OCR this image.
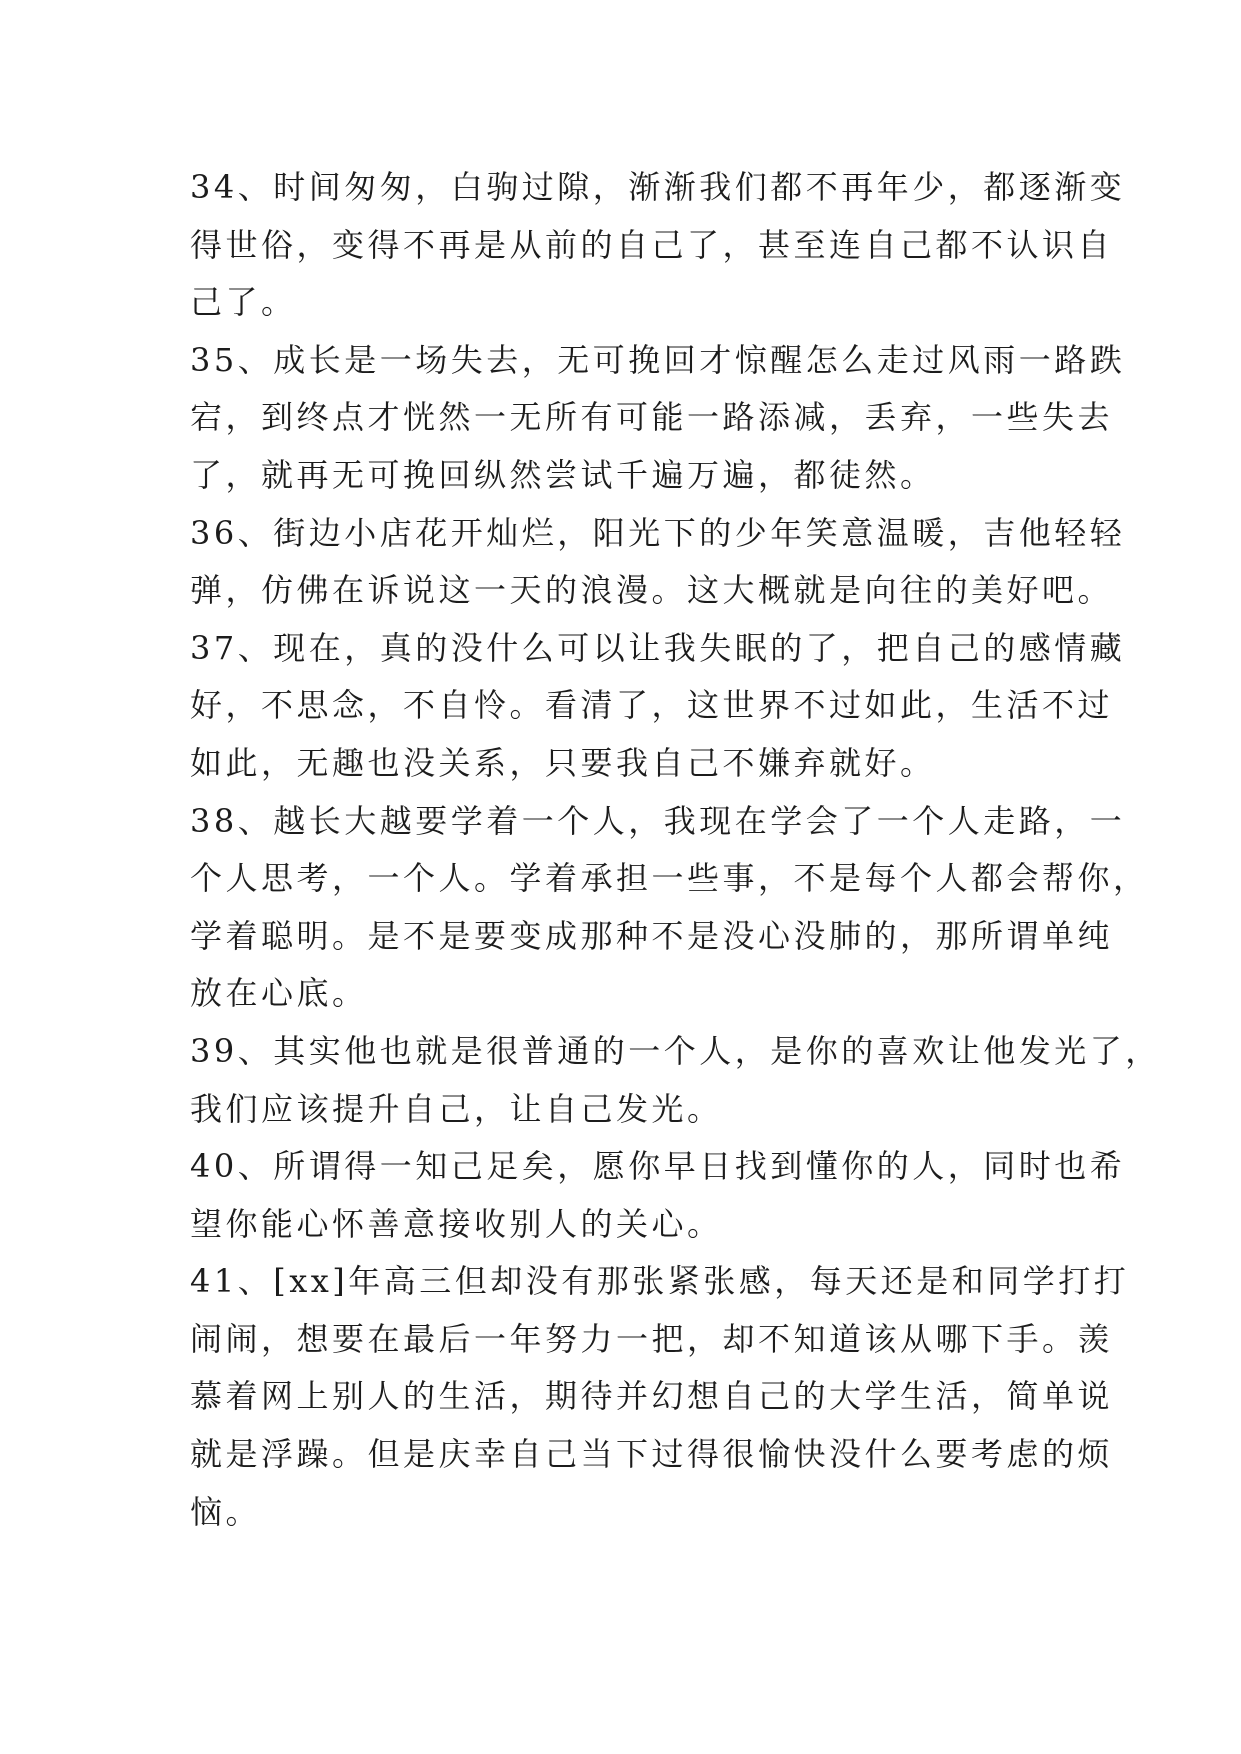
34、时间匆匆，白驹过隙，渐渐我们都不再年少，都逐渐变
得世俗，变得不再是从前的自己了，甚至连自己都不认识自
己了。
35、成长是一场失去，无可挽回才惊醒怎么走过风雨一路跌
宕，到终点才恍然一无所有可能一路添减，丢弃，一些失去
了，就再无可挽回纵然尝试千遍万遍，都徒然。
36、街边小店花开灿烂，阳光下的少年笑意温暖，吉他轻轻
弹，仿佛在诉说这一天的浪漫。这大概就是向往的美好吧。
37、现在，真的没什么可以让我失眠的了，把自己的感情藏
好，不思念，不自怜。看清了，这世界不过如此，生活不过
如此，无趣也没关系，只要我自己不嫌弃就好。
38、越长大越要学着一个人，我现在学会了一个人走路，一
个人思考，一个人。学着承担一些事，不是每个人都会帮你，
学着聪明。是不是要变成那种不是没心没肺的，那所谓单纯
放在心底。
39、其实他也就是很普通的一个人，是你的喜欢让他发光了，
我们应该提升自己，让自己发光。
40、所谓得一知己足矣，愿你早日找到懂你的人，同时也希
望你能心怀善意接收别人的关心。
41、[xx]年高三但却没有那张紧张感，每天还是和同学打打
闹闹，想要在最后一年努力一把，却不知道该从哪下手。羡
慕着网上别人的生活，期待并幻想自己的大学生活，简单说
就是浮躁。但是庆幸自己当下过得很愉快没什么要考虑的烦
恼。
